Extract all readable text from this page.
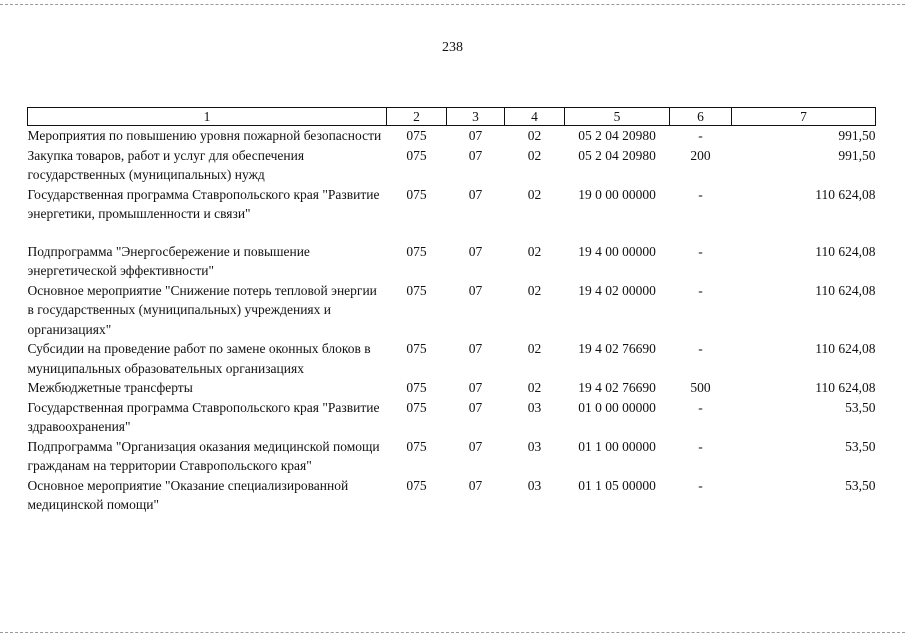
238
1	2	3	4	5	6	7
Мероприятия по повышению уровня пожарной безопасности	075	07	02	05 2 04 20980	-	991,50
Закупка товаров, работ и услуг для обеспечения государственных (муниципальных) нужд	075	07	02	05 2 04 20980	200	991,50
Государственная программа Ставропольского края "Развитие энергетики, промышленности и связи"	075	07	02	19 0 00 00000	-	110 624,08
Подпрограмма "Энергосбережение и повышение энергетической эффективности"	075	07	02	19 4 00 00000	-	110 624,08
Основное мероприятие "Снижение потерь тепловой энергии в государственных (муниципальных) учреждениях и организациях"	075	07	02	19 4 02 00000	-	110 624,08
Субсидии на проведение работ по замене оконных блоков в муниципальных образовательных организациях	075	07	02	19 4 02 76690	-	110 624,08
Межбюджетные трансферты	075	07	02	19 4 02 76690	500	110 624,08
Государственная программа Ставропольского края "Развитие здравоохранения"	075	07	03	01 0 00 00000	-	53,50
Подпрограмма "Организация оказания медицинской помощи гражданам на территории Ставропольского края"	075	07	03	01 1 00 00000	-	53,50
Основное мероприятие "Оказание специализированной медицинской помощи"	075	07	03	01 1 05 00000	-	53,50
